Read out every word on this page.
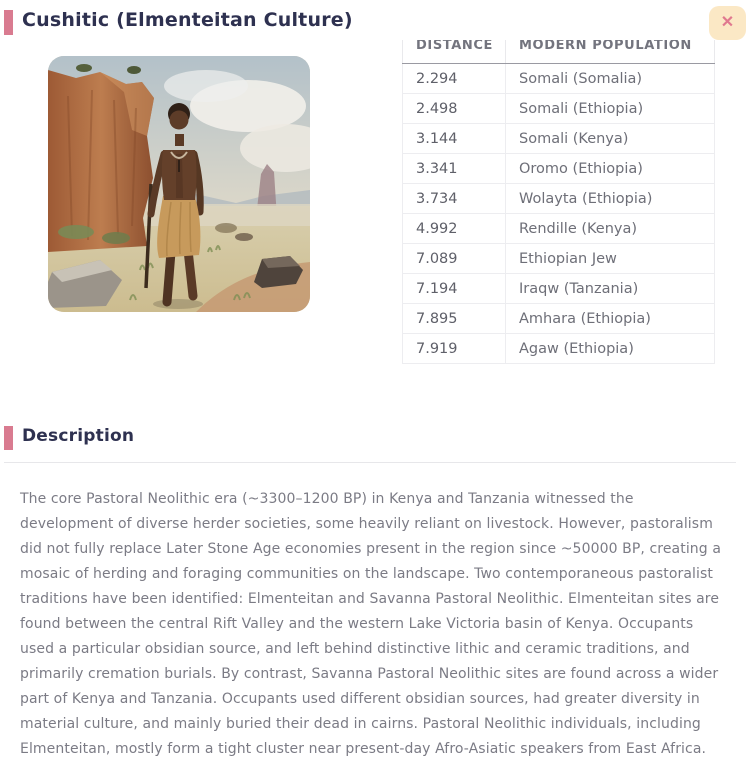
Cushitic (Elmenteitan Culture)	✕
DISTANCE	MODERN POPULATION
2.294	Somali (Somalia)
2.498	Somali (Ethiopia)
3.144	Somali (Kenya)
3.341	Oromo (Ethiopia)
3.734	Wolayta (Ethiopia)
4.992	Rendille (Kenya)
7.089	Ethiopian Jew
7.194	Iraqw (Tanzania)
7.895	Amhara (Ethiopia)
7.919	Agaw (Ethiopia)
Description

The core Pastoral Neolithic era (~3300–1200 BP) in Kenya and Tanzania witnessed the development of diverse herder societies, some heavily reliant on livestock. However, pastoralism did not fully replace Later Stone Age economies present in the region since ~50000 BP, creating a mosaic of herding and foraging communities on the landscape. Two contemporaneous pastoralist traditions have been identified: Elmenteitan and Savanna Pastoral Neolithic. Elmenteitan sites are found between the central Rift Valley and the western Lake Victoria basin of Kenya. Occupants used a particular obsidian source, and left behind distinctive lithic and ceramic traditions, and primarily cremation burials. By contrast, Savanna Pastoral Neolithic sites are found across a wider part of Kenya and Tanzania. Occupants used different obsidian sources, had greater diversity in material culture, and mainly buried their dead in cairns. Pastoral Neolithic individuals, including Elmenteitan, mostly form a tight cluster near present-day Afro-Asiatic speakers from East Africa.
